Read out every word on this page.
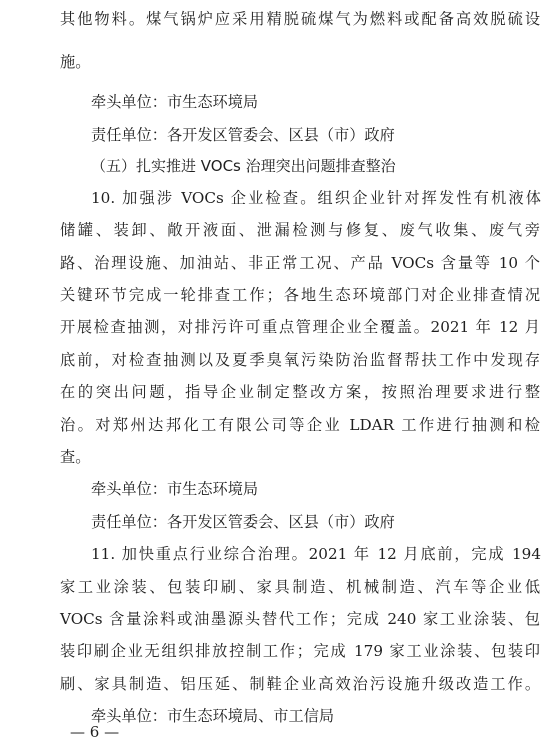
其他物料。煤气锅炉应采用精脱硫煤气为燃料或配备高效脱硫设
施。
牵头单位：市生态环境局
责任单位：各开发区管委会、区县（市）政府
（五）扎实推进 VOCs 治理突出问题排查整治
10. 加强涉 VOCs 企业检查。组织企业针对挥发性有机液体
储罐、装卸、敞开液面、泄漏检测与修复、废气收集、废气旁
路、治理设施、加油站、非正常工况、产品 VOCs 含量等 10 个
关键环节完成一轮排查工作；各地生态环境部门对企业排查情况
开展检查抽测，对排污许可重点管理企业全覆盖。2021 年 12 月
底前，对检查抽测以及夏季臭氧污染防治监督帮扶工作中发现存
在的突出问题，指导企业制定整改方案，按照治理要求进行整
治。对郑州达邦化工有限公司等企业 LDAR 工作进行抽测和检
查。
牵头单位：市生态环境局
责任单位：各开发区管委会、区县（市）政府
11. 加快重点行业综合治理。2021 年 12 月底前，完成 194
家工业涂装、包装印刷、家具制造、机械制造、汽车等企业低
VOCs 含量涂料或油墨源头替代工作；完成 240 家工业涂装、包
装印刷企业无组织排放控制工作；完成 179 家工业涂装、包装印
刷、家具制造、铝压延、制鞋企业高效治污设施升级改造工作。
牵头单位：市生态环境局、市工信局
— 6 —
